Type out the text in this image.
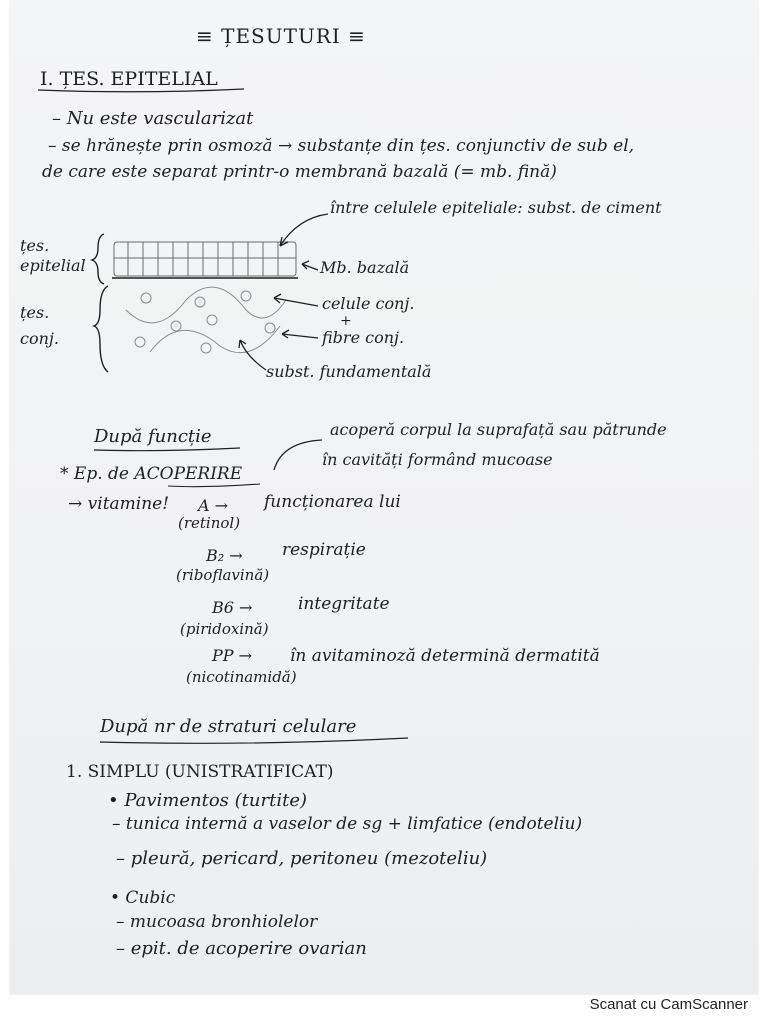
≡ ȚESUTURI ≡
I. ȚES. EPITELIAL
– Nu este vascularizat
– se hrănește prin osmoză → substanțe din țes. conjunctiv de sub el,
de care este separat printr-o membrană bazală (= mb. fină)
între celulele epiteliale: subst. de ciment
țes. epitelial	Mb. bazală
țes. conj.
celule conj.
+
fibre conj.
subst. fundamentală
După funcție	acoperă corpul la suprafață sau pătrunde
în cavități formând mucoase
* Ep. de ACOPERIRE
→ vitamine! A → funcționarea lui
(retinol)
B₂ → respirație
(riboflavină)
B6 →	integritate
(piridoxină)
PP → în avitaminoză determină dermatită
(nicotinamidă)
După nr de straturi celulare
1. SIMPLU (UNISTRATIFICAT)
• Pavimentos (turtite)
– tunica internă a vaselor de sg + limfatice (endoteliu)
– pleură, pericard, peritoneu (mezoteliu)
• Cubic
– mucoasa bronhiolelor
– epit. de acoperire ovarian
Scanat cu CamScanner
